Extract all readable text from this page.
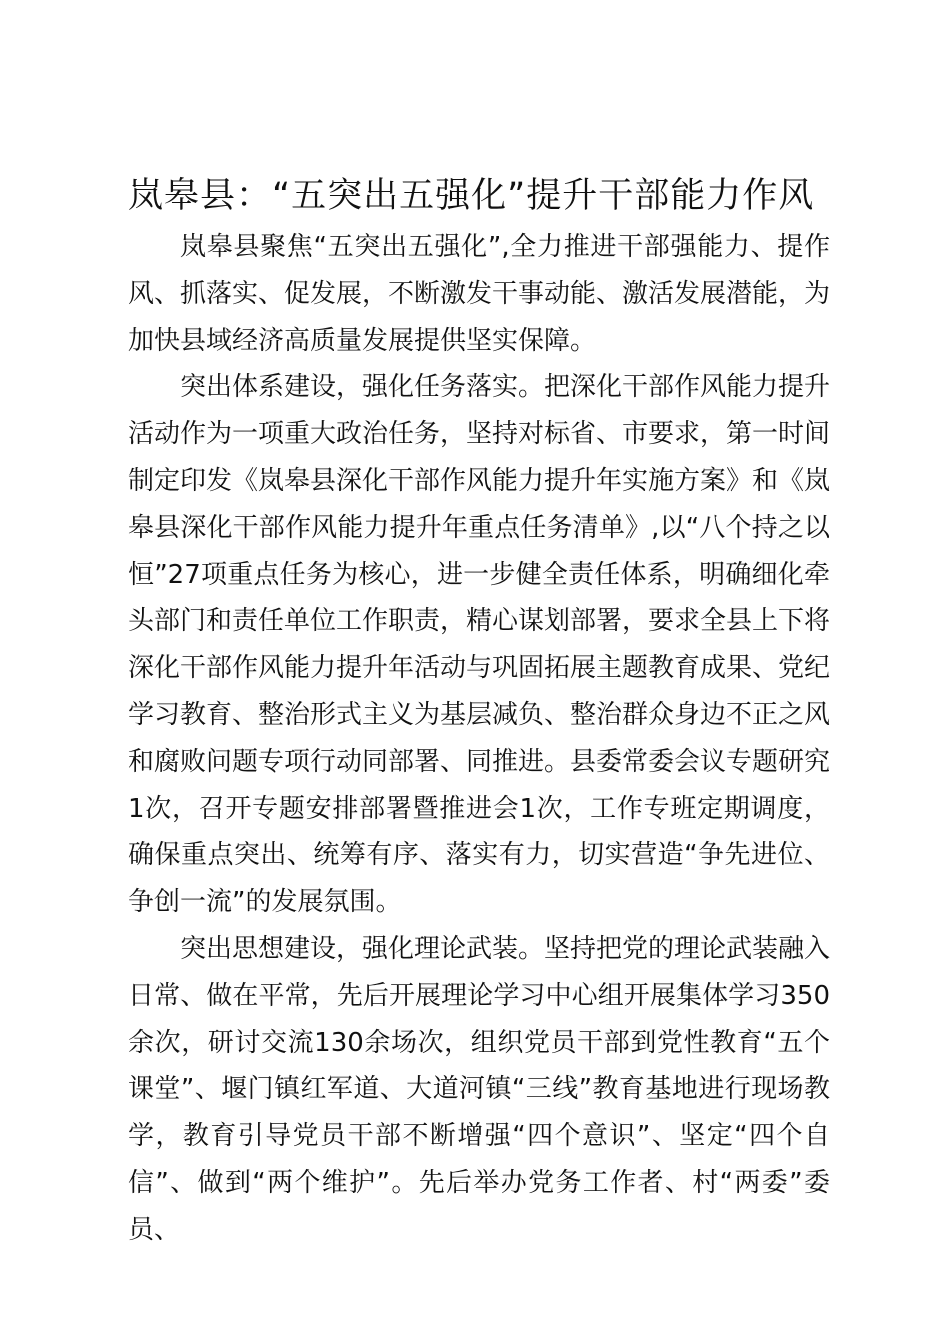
岚皋县：“五突出五强化”提升干部能力作风

岚皋县聚焦“五突出五强化”,全力推进干部强能力、提作风、抓落实、促发展，不断激发干事动能、激活发展潜能，为加快县域经济高质量发展提供坚实保障。

突出体系建设，强化任务落实。把深化干部作风能力提升活动作为一项重大政治任务，坚持对标省、市要求，第一时间制定印发《岚皋县深化干部作风能力提升年实施方案》和《岚皋县深化干部作风能力提升年重点任务清单》,以“八个持之以恒”27项重点任务为核心，进一步健全责任体系，明确细化牵头部门和责任单位工作职责，精心谋划部署，要求全县上下将深化干部作风能力提升年活动与巩固拓展主题教育成果、党纪学习教育、整治形式主义为基层减负、整治群众身边不正之风和腐败问题专项行动同部署、同推进。县委常委会议专题研究1次，召开专题安排部署暨推进会1次，工作专班定期调度，确保重点突出、统筹有序、落实有力，切实营造“争先进位、争创一流”的发展氛围。

突出思想建设，强化理论武装。坚持把党的理论武装融入日常、做在平常，先后开展理论学习中心组开展集体学习350余次，研讨交流130余场次，组织党员干部到党性教育“五个课堂”、堰门镇红军道、大道河镇“三线”教育基地进行现场教学，教育引导党员干部不断增强“四个意识”、坚定“四个自信”、做到“两个维护”。先后举办党务工作者、村“两委”委员、
